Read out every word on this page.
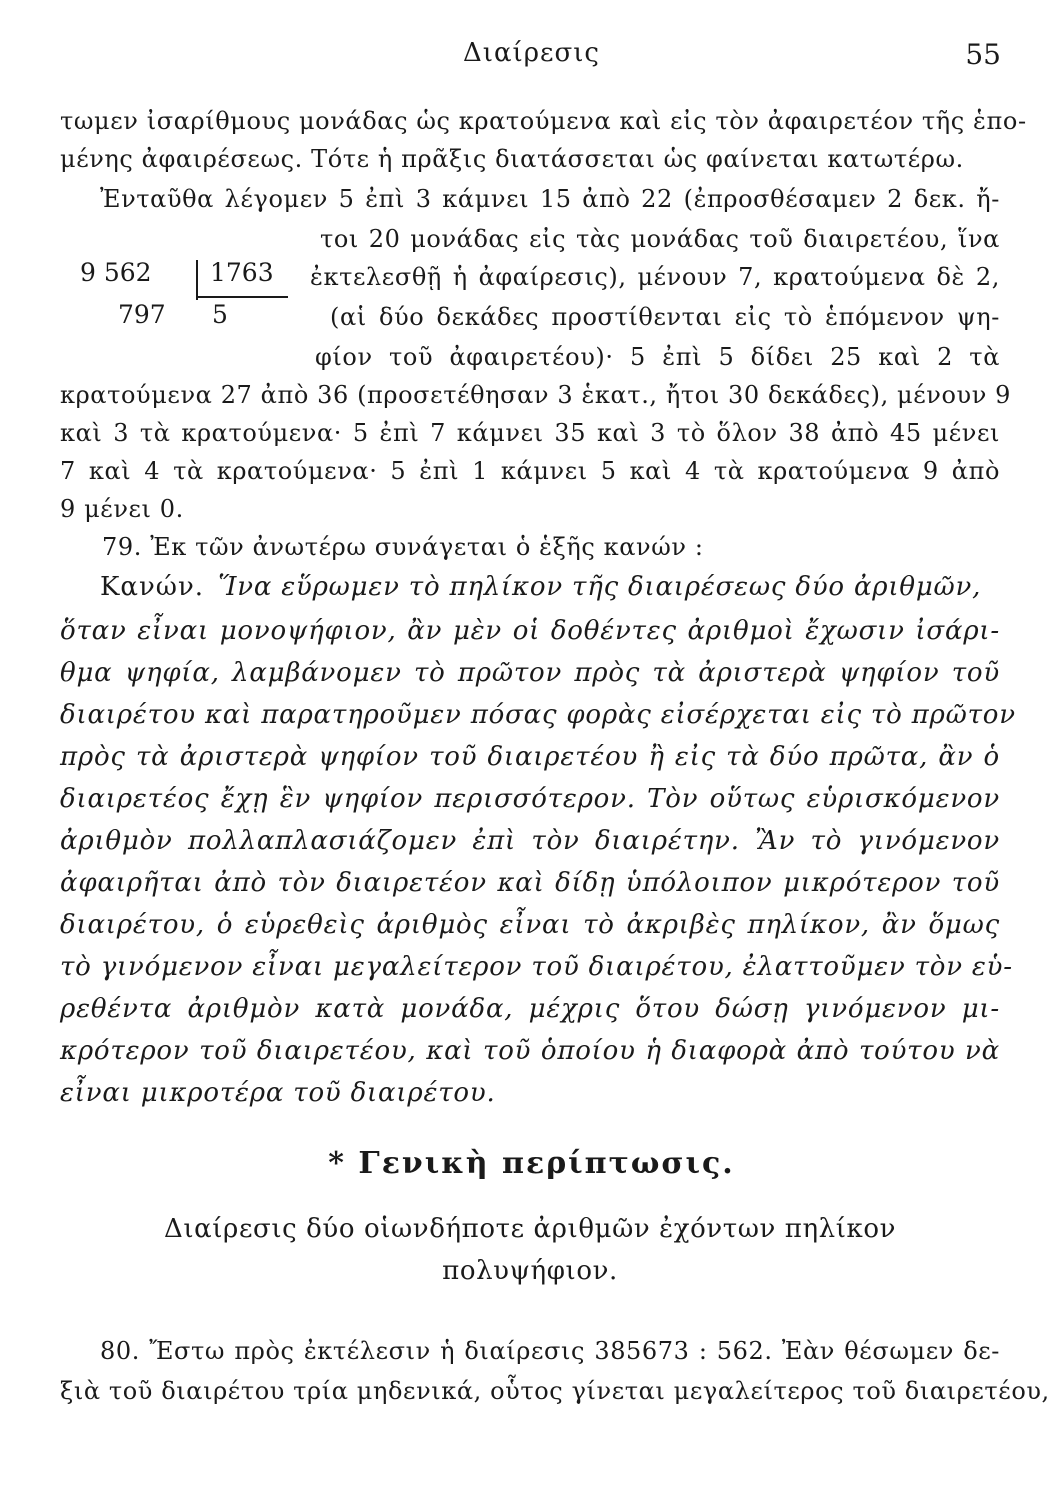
Διαίρεσις	55
τωμεν ἰσαρίθμους μονάδας ὡς κρατούμενα καὶ εἰς τὸν ἀφαιρετέον τῆς ἑπο-
μένης ἀφαιρέσεως. Τότε ἡ πρᾶξις διατάσσεται ὡς φαίνεται κατωτέρω.
Ἐνταῦθα λέγομεν 5 ἐπὶ 3 κάμνει 15 ἀπὸ 22 (ἐπροσθέσαμεν 2 δεκ. ἤ-
τοι 20 μονάδας εἰς τὰς μονάδας τοῦ διαιρετέου, ἵνα
ἐκτελεσθῇ ἡ ἀφαίρεσις), μένουν 7, κρατούμενα δὲ 2,
(αἱ δύο δεκάδες προστίθενται εἰς τὸ ἑπόμενον ψη-
φίον τοῦ ἀφαιρετέου)· 5 ἐπὶ 5 δίδει 25 καὶ 2 τὰ
9 562 1763
797 5
κρατούμενα 27 ἀπὸ 36 (προσετέθησαν 3 ἑκατ., ἤτοι 30 δεκάδες), μένουν 9
καὶ 3 τὰ κρατούμενα· 5 ἐπὶ 7 κάμνει 35 καὶ 3 τὸ ὅλον 38 ἀπὸ 45 μένει
7 καὶ 4 τὰ κρατούμενα· 5 ἐπὶ 1 κάμνει 5 καὶ 4 τὰ κρατούμενα 9 ἀπὸ
9 μένει 0.
79. Ἐκ τῶν ἀνωτέρω συνάγεται ὁ ἑξῆς κανών :
Κανών. Ἵνα εὕρωμεν τὸ πηλίκον τῆς διαιρέσεως δύο ἀριθμῶν,
ὅταν εἶναι μονοψήφιον, ἂν μὲν οἱ δοθέντες ἀριθμοὶ ἔχωσιν ἰσάρι-
θμα ψηφία, λαμβάνομεν τὸ πρῶτον πρὸς τὰ ἀριστερὰ ψηφίον τοῦ
διαιρέτου καὶ παρατηροῦμεν πόσας φορὰς εἰσέρχεται εἰς τὸ πρῶτον
πρὸς τὰ ἀριστερὰ ψηφίον τοῦ διαιρετέου ἢ εἰς τὰ δύο πρῶτα, ἂν ὁ
διαιρετέος ἔχῃ ἓν ψηφίον περισσότερον. Τὸν οὕτως εὑρισκόμενον
ἀριθμὸν πολλαπλασιάζομεν ἐπὶ τὸν διαιρέτην. Ἂν τὸ γινόμενον
ἀφαιρῆται ἀπὸ τὸν διαιρετέον καὶ δίδῃ ὑπόλοιπον μικρότερον τοῦ
διαιρέτου, ὁ εὑρεθεὶς ἀριθμὸς εἶναι τὸ ἀκριβὲς πηλίκον, ἂν ὅμως
τὸ γινόμενον εἶναι μεγαλείτερον τοῦ διαιρέτου, ἐλαττοῦμεν τὸν εὑ-
ρεθέντα ἀριθμὸν κατὰ μονάδα, μέχρις ὅτου δώσῃ γινόμενον μι-
κρότερον τοῦ διαιρετέου, καὶ τοῦ ὁποίου ἡ διαφορὰ ἀπὸ τούτου νὰ
εἶναι μικροτέρα τοῦ διαιρέτου.
* Γενικὴ περίπτωσις.
Διαίρεσις δύο οἱωνδήποτε ἀριθμῶν ἐχόντων πηλίκον
πολυψήφιον.
80. Ἔστω πρὸς ἐκτέλεσιν ἡ διαίρεσις 385673 : 562. Ἐὰν θέσωμεν δε-
ξιὰ τοῦ διαιρέτου τρία μηδενικά, οὗτος γίνεται μεγαλείτερος τοῦ διαιρετέου,
